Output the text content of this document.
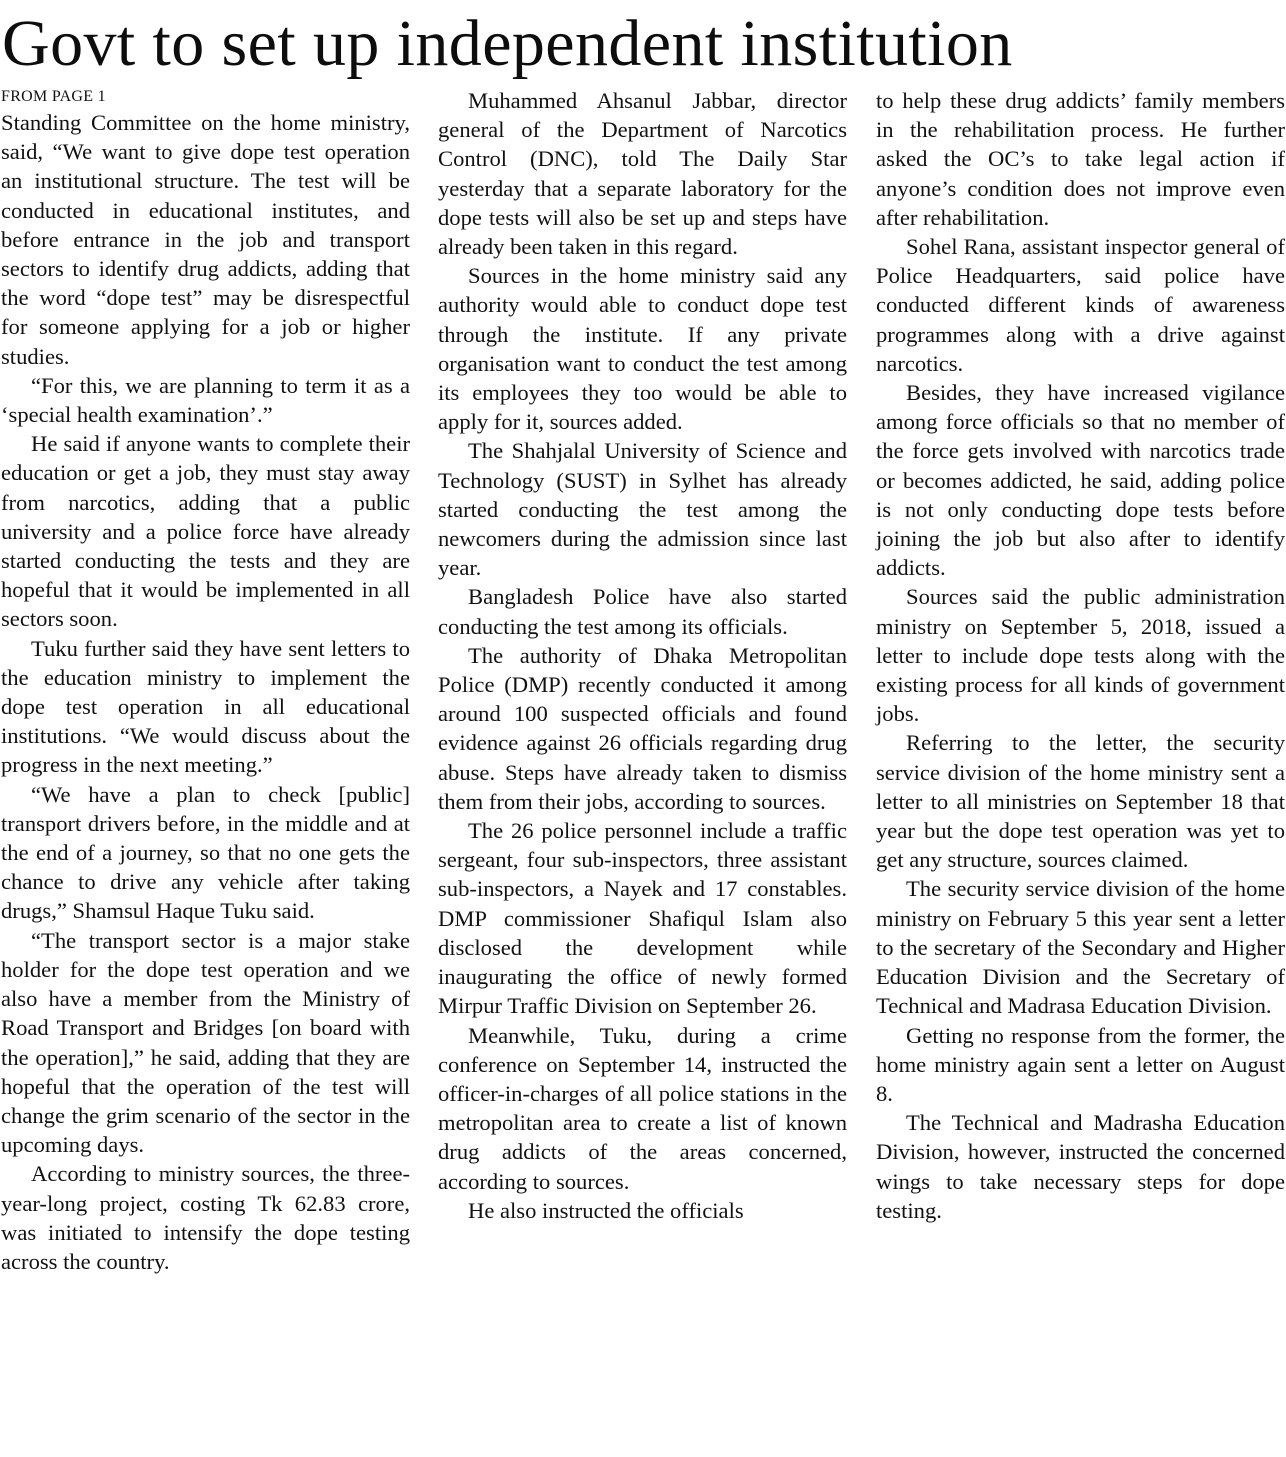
Govt to set up independent institution
FROM PAGE 1

Standing Committee on the home ministry, said, “We want to give dope test operation an institutional structure. The test will be conducted in educational institutes, and before entrance in the job and transport sectors to identify drug addicts, adding that the word “dope test” may be disrespectful for someone applying for a job or higher studies.

“For this, we are planning to term it as a ‘special health examination’.”

He said if anyone wants to complete their education or get a job, they must stay away from narcotics, adding that a public university and a police force have already started conducting the tests and they are hopeful that it would be implemented in all sectors soon.

Tuku further said they have sent letters to the education ministry to implement the dope test operation in all educational institutions. “We would discuss about the progress in the next meeting.”

“We have a plan to check [public] transport drivers before, in the middle and at the end of a journey, so that no one gets the chance to drive any vehicle after taking drugs,” Shamsul Haque Tuku said.

“The transport sector is a major stake holder for the dope test operation and we also have a member from the Ministry of Road Transport and Bridges [on board with the operation],” he said, adding that they are hopeful that the operation of the test will change the grim scenario of the sector in the upcoming days.

According to ministry sources, the three-year-long project, costing Tk 62.83 crore, was initiated to intensify the dope testing across the country.

Muhammed Ahsanul Jabbar, director general of the Department of Narcotics Control (DNC), told The Daily Star yesterday that a separate laboratory for the dope tests will also be set up and steps have already been taken in this regard.

Sources in the home ministry said any authority would able to conduct dope test through the institute. If any private organisation want to conduct the test among its employees they too would be able to apply for it, sources added.

The Shahjalal University of Science and Technology (SUST) in Sylhet has already started conducting the test among the newcomers during the admission since last year.

Bangladesh Police have also started conducting the test among its officials.

The authority of Dhaka Metropolitan Police (DMP) recently conducted it among around 100 suspected officials and found evidence against 26 officials regarding drug abuse. Steps have already taken to dismiss them from their jobs, according to sources.

The 26 police personnel include a traffic sergeant, four sub-inspectors, three assistant sub-inspectors, a Nayek and 17 constables. DMP commissioner Shafiqul Islam also disclosed the development while inaugurating the office of newly formed Mirpur Traffic Division on September 26.

Meanwhile, Tuku, during a crime conference on September 14, instructed the officer-in-charges of all police stations in the metropolitan area to create a list of known drug addicts of the areas concerned, according to sources.

He also instructed the officials

to help these drug addicts’ family members in the rehabilitation process. He further asked the OC’s to take legal action if anyone’s condition does not improve even after rehabilitation.

Sohel Rana, assistant inspector general of Police Headquarters, said police have conducted different kinds of awareness programmes along with a drive against narcotics.

Besides, they have increased vigilance among force officials so that no member of the force gets involved with narcotics trade or becomes addicted, he said, adding police is not only conducting dope tests before joining the job but also after to identify addicts.

Sources said the public administration ministry on September 5, 2018, issued a letter to include dope tests along with the existing process for all kinds of government jobs.

Referring to the letter, the security service division of the home ministry sent a letter to all ministries on September 18 that year but the dope test operation was yet to get any structure, sources claimed.

The security service division of the home ministry on February 5 this year sent a letter to the secretary of the Secondary and Higher Education Division and the Secretary of Technical and Madrasa Education Division.

Getting no response from the former, the home ministry again sent a letter on August 8.

The Technical and Madrasha Education Division, however, instructed the concerned wings to take necessary steps for dope testing.
